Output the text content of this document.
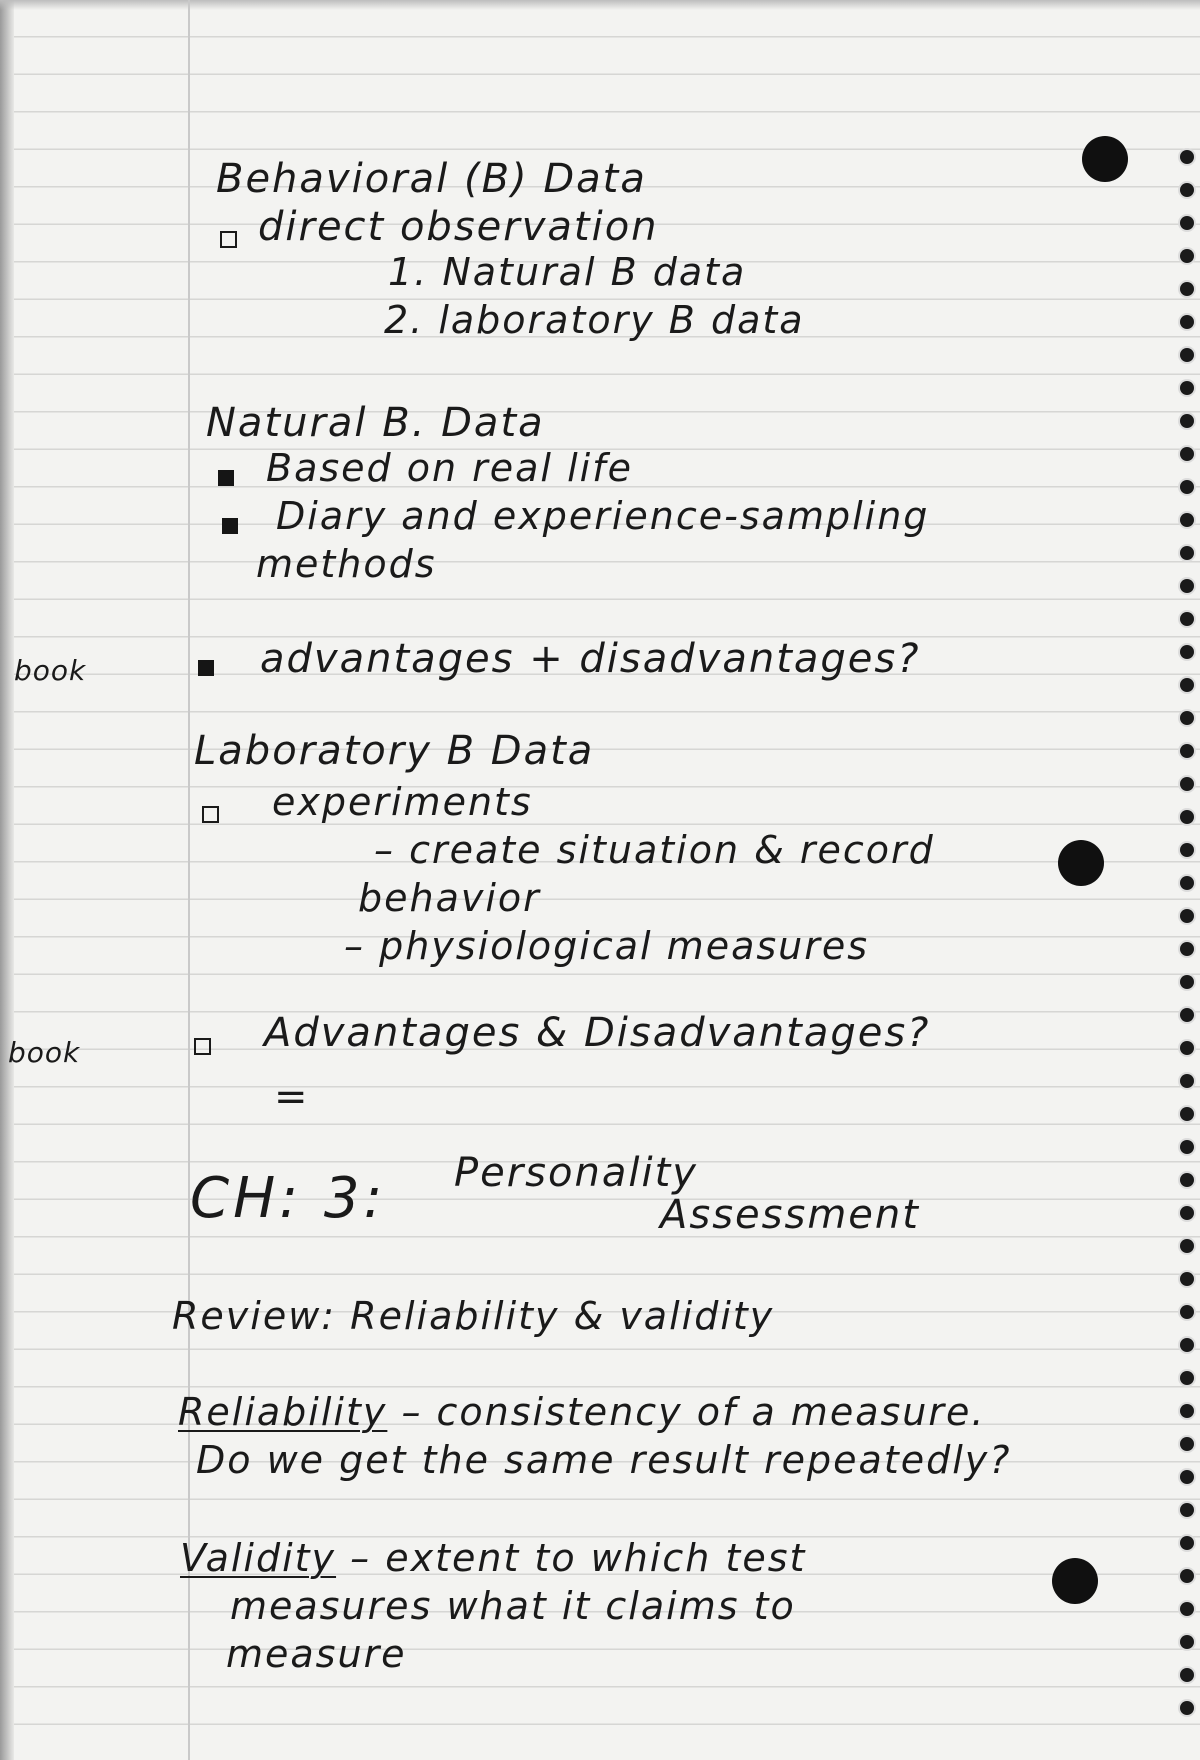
book
book
Behavioral (B) Data
direct observation
1. Natural B data
2. laboratory B data
Natural B. Data
Based on real life
Diary and experience-sampling
methods
advantages + disadvantages?
Laboratory B Data
experiments
– create situation & record
behavior
– physiological measures
Advantages & Disadvantages?
=
CH: 3: Personality
Assessment
Review: Reliability & validity
Reliability – consistency of a measure.
Do we get the same result repeatedly?
Validity – extent to which test
measures what it claims to
measure
